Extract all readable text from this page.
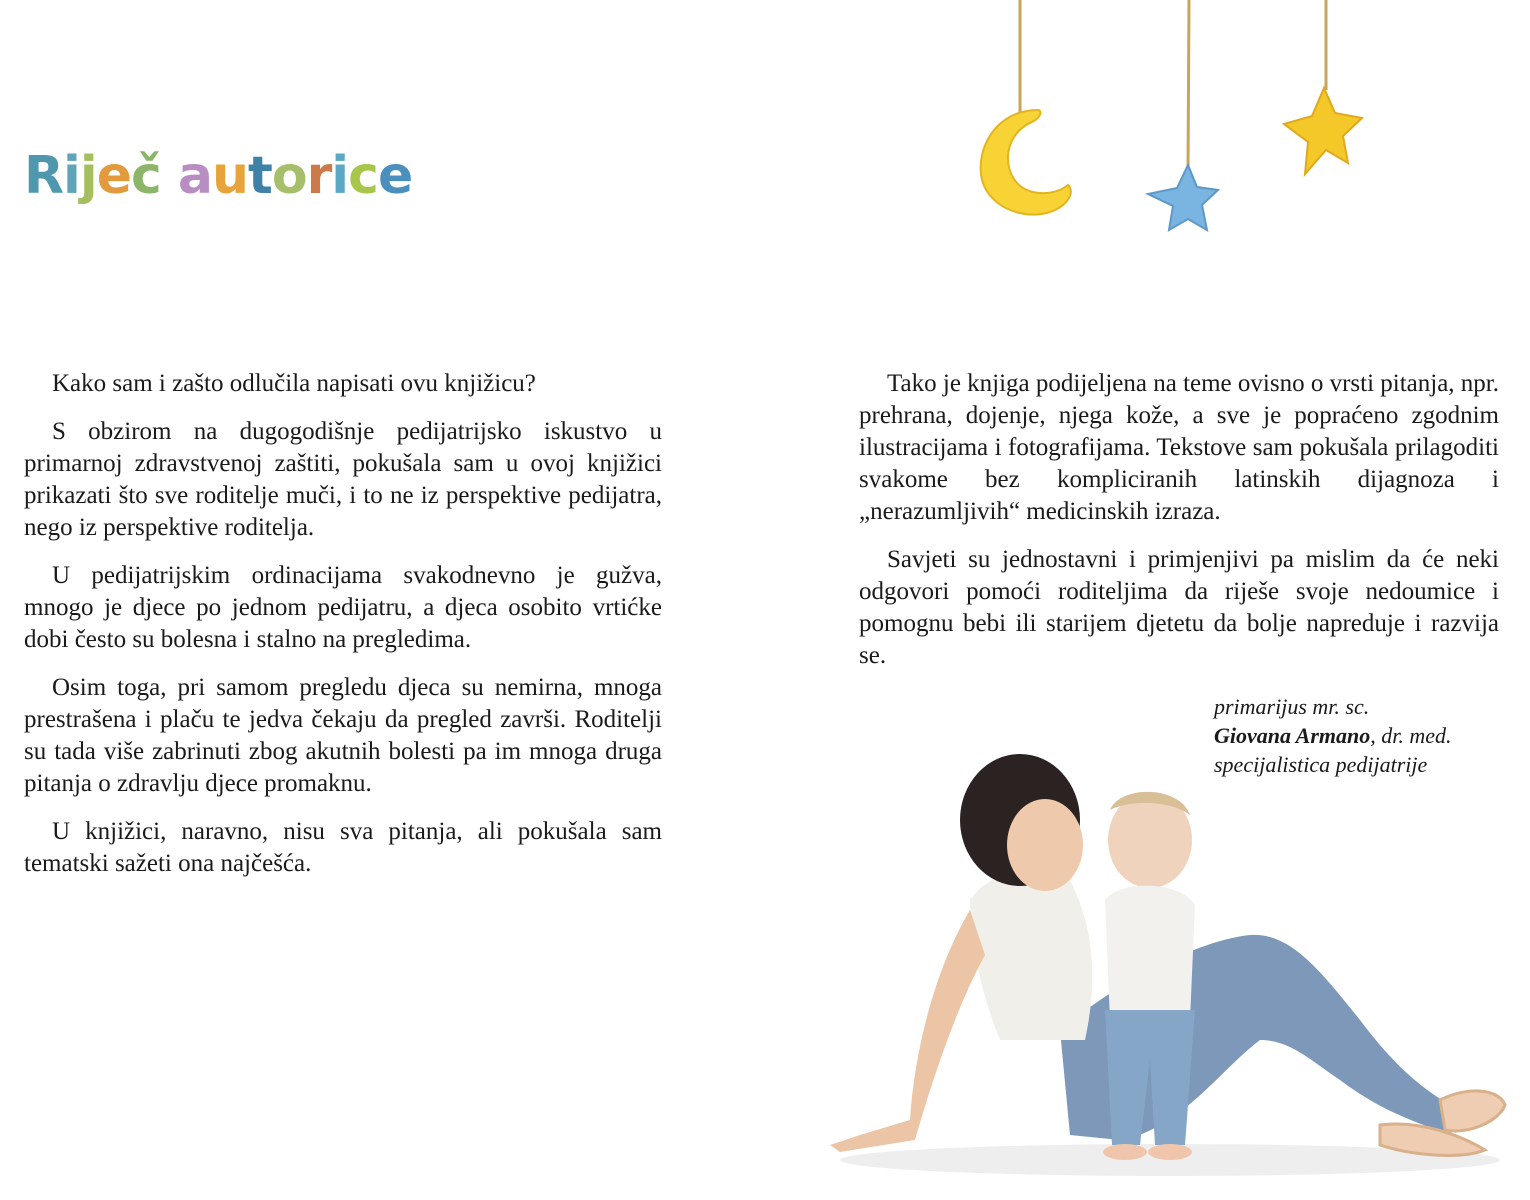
Riječ autorice

Kako sam i zašto odlučila napisati ovu knjižicu?

S obzirom na dugogodišnje pedijatrijsko iskustvo u primarnoj zdravstvenoj zaštiti, pokušala sam u ovoj knjižici prikazati što sve roditelje muči, i to ne iz perspektive pedijatra, nego iz perspektive roditelja.

U pedijatrijskim ordinacijama svakodnevno je gužva, mnogo je djece po jednom pedijatru, a djeca osobito vrtićke dobi često su bolesna i stalno na pregledima.

Osim toga, pri samom pregledu djeca su nemirna, mnoga prestrašena i plaču te jedva čekaju da pregled završi. Roditelji su tada više zabrinuti zbog akutnih bolesti pa im mnoga druga pitanja o zdravlju djece promaknu.

U knjižici, naravno, nisu sva pitanja, ali pokušala sam tematski sažeti ona najčešća.

Tako je knjiga podijeljena na teme ovisno o vrsti pitanja, npr. prehrana, dojenje, njega kože, a sve je popraćeno zgodnim ilustracijama i fotografijama. Tekstove sam pokušala prilagoditi svakome bez kompliciranih latinskih dijagnoza i „nerazumljivih“ medicinskih izraza.

Savjeti su jednostavni i primjenjivi pa mislim da će neki odgovori pomoći roditeljima da riješe svoje nedoumice i pomognu bebi ili starijem djetetu da bolje napreduje i razvija se.

primarijus mr. sc.
Giovana Armano, dr. med.
specijalistica pedijatrije
